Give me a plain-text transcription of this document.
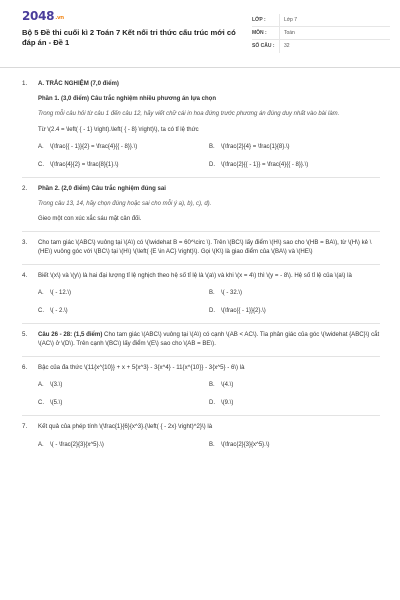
2048.vn
Bộ 5 Đề thi cuối kì 2 Toán 7 Kết nối tri thức cấu trúc mới có đáp án - Đề 1
LỚP :	Lớp 7
MÔN :	Toán
SỐ CÂU :	32
1.	A. TRẮC NGHIỆM (7,0 điểm)
Phần 1. (3,0 điểm) Câu trắc nghiệm nhiều phương án lựa chọn
Trong mỗi câu hỏi từ câu 1 đến câu 12, hãy viết chữ cái in hoa đứng trước phương án đúng duy nhất vào bài làm.
Từ \(2.4 = \left( { - 1} \right).\left( { - 8} \right)\), ta có tỉ lệ thức
A.	\(\frac{{ - 1}}{2} = \frac{4}{{ - 8}}.\)	B.	\(\frac{2}{4} = \frac{1}{8}.\)
C.	\(\frac{4}{2} = \frac{8}{1}.\)	D.	\(\frac{2}{{ - 1}} = \frac{4}{{ - 8}}.\)
2.	Phần 2. (2,0 điểm) Câu trắc nghiệm đúng sai
Trong câu 13, 14, hãy chọn đúng hoặc sai cho mỗi ý a), b), c), d).
Gieo một con xúc xắc sáu mặt cân đối.
3.	Cho tam giác \(ABC\) vuông tại \(A\) có \(\widehat B = 60^\circ \). Trên \(BC\) lấy điểm \(H\) sao cho \(HB = BA\), từ \(H\) kẻ \(HE\) vuông góc với \(BC\) tại \(H\) \(\left( {E \in AC} \right)\). Gọi \(K\) là giao điểm của \(BA\) và \(HE\)
4.	Biết \(x\) và \(y\) là hai đại lượng tỉ lệ nghịch theo hệ số tỉ lệ là \(a\) và khi \(x = 4\) thì \(y = - 8\). Hệ số tỉ lệ của \(a\) là
A.	\( - 12.\)	B.	\( - 32.\)
C.	\( - 2.\)	D.	\(\frac{{ - 1}}{2}.\)
5.	Câu 26 - 28: (1,5 điểm) Cho tam giác \(ABC\) vuông tại \(A\) có cạnh \(AB < AC\). Tia phân giác của góc \(\widehat {ABC}\) cắt \(AC\) ở \(D\). Trên cạnh \(BC\) lấy điểm \(E\) sao cho \(AB = BE\).
6.	Bậc của đa thức \(11{x^{10}} + x + 5{x^3} - 3{x^4} - 11{x^{10}} - 3{x^5} - 6\) là
A.	\(3.\)	B.	\(4.\)
C.	\(5.\)	D.	\(9.\)
7.	Kết quả của phép tính \(\frac{1}{6}{x^3}.{\left( { - 2x} \right)^2}\) là
A.	\( - \frac{2}{3}{x^5}.\)	B.	\(\frac{2}{3}{x^5}.\)
